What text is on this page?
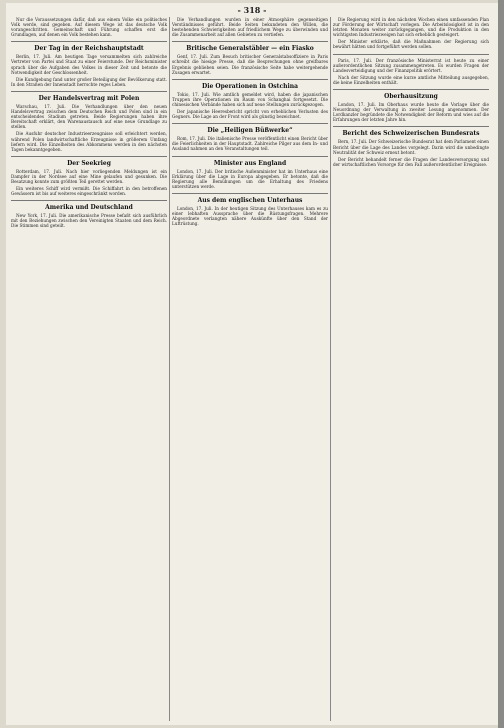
- 318 -

Nur die Voraussetzungen dafür, daß aus einem Volke ein politisches Volk werde, sind gegeben. Auf diesem Wege ist das deutsche Volk vorangeschritten. Gemeinschaft und Führung schaffen erst die Grundlagen, auf denen ein Volk bestehen kann.

Der Tag in der Reichshauptstadt

Berlin, 17. Juli. Am heutigen Tage versammelten sich zahlreiche Vertreter von Partei und Staat zu einer Feierstunde. Der Reichsminister sprach über die Aufgaben des Volkes in dieser Zeit und betonte die Notwendigkeit der Geschlossenheit.

Die Kundgebung fand unter großer Beteiligung der Bevölkerung statt. In den Straßen der Innenstadt herrschte reges Leben.

Der Handelsvertrag mit Polen

Warschau, 17. Juli. Die Verhandlungen über den neuen Handelsvertrag zwischen dem Deutschen Reich und Polen sind in ein entscheidendes Stadium getreten. Beide Regierungen haben ihre Bereitschaft erklärt, den Warenaustausch auf eine neue Grundlage zu stellen.

Die Ausfuhr deutscher Industrieerzeugnisse soll erleichtert werden, während Polen landwirtschaftliche Erzeugnisse in größerem Umfang liefern wird. Die Einzelheiten des Abkommens werden in den nächsten Tagen bekanntgegeben.

Der Seekrieg

Rotterdam, 17. Juli. Nach hier vorliegenden Meldungen ist ein Dampfer in der Nordsee auf eine Mine gelaufen und gesunken. Die Besatzung konnte zum größten Teil gerettet werden.

Ein weiteres Schiff wird vermißt. Die Schiffahrt in den betroffenen Gewässern ist bis auf weiteres eingeschränkt worden.

Amerika und Deutschland

New York, 17. Juli. Die amerikanische Presse befaßt sich ausführlich mit den Beziehungen zwischen den Vereinigten Staaten und dem Reich. Die Stimmen sind geteilt.

Die Verhandlungen wurden in einer Atmosphäre gegenseitigen Verständnisses geführt. Beide Seiten bekundeten den Willen, die bestehenden Schwierigkeiten auf friedlichem Wege zu überwinden und die Zusammenarbeit auf allen Gebieten zu vertiefen.

Britische Generalstäbler — ein Fiasko

Genf, 17. Juli. Zum Besuch britischer Generalstabsoffiziere in Paris schreibt die hiesige Presse, daß die Besprechungen ohne greifbares Ergebnis geblieben seien. Die französische Seite habe weitergehende Zusagen erwartet.

Die Operationen in Ostchina

Tokio, 17. Juli. Wie amtlich gemeldet wird, haben die japanischen Truppen ihre Operationen im Raum von Schanghai fortgesetzt. Die chinesischen Verbände haben sich auf neue Stellungen zurückgezogen.

Der japanische Heeresbericht spricht von erheblichen Verlusten des Gegners. Die Lage an der Front wird als günstig bezeichnet.

Die „Heiligen Büßwerke“

Rom, 17. Juli. Die italienische Presse veröffentlicht einen Bericht über die Feierlichkeiten in der Hauptstadt. Zahlreiche Pilger aus dem In- und Ausland nahmen an den Veranstaltungen teil.

Minister aus England

London, 17. Juli. Der britische Außenminister hat im Unterhaus eine Erklärung über die Lage in Europa abgegeben. Er betonte, daß die Regierung alle Bemühungen um die Erhaltung des Friedens unterstützen werde.

Aus dem englischen Unterhaus

London, 17. Juli. In der heutigen Sitzung des Unterhauses kam es zu einer lebhaften Aussprache über die Rüstungsfragen. Mehrere Abgeordnete verlangten nähere Auskünfte über den Stand der Luftrüstung.

Die Regierung wird in den nächsten Wochen einen umfassenden Plan zur Förderung der Wirtschaft vorlegen. Die Arbeitslosigkeit ist in den letzten Monaten weiter zurückgegangen, und die Produktion in den wichtigsten Industriezweigen hat sich erheblich gesteigert.

Der Minister erklärte, daß die Maßnahmen der Regierung sich bewährt hätten und fortgeführt werden sollen.

Paris, 17. Juli. Der französische Ministerrat ist heute zu einer außerordentlichen Sitzung zusammengetreten. Es wurden Fragen der Landesverteidigung und der Finanzpolitik erörtert.

Nach der Sitzung wurde eine kurze amtliche Mitteilung ausgegeben, die keine Einzelheiten enthält.

Oberhausitzung

London, 17. Juli. Im Oberhaus wurde heute die Vorlage über die Neuordnung der Verwaltung in zweiter Lesung angenommen. Der Lordkanzler begründete die Notwendigkeit der Reform und wies auf die Erfahrungen der letzten Jahre hin.

Bericht des Schweizerischen Bundesrats

Bern, 17. Juli. Der Schweizerische Bundesrat hat dem Parlament einen Bericht über die Lage des Landes vorgelegt. Darin wird die unbedingte Neutralität der Schweiz erneut betont.

Der Bericht behandelt ferner die Fragen der Landesversorgung und der wirtschaftlichen Vorsorge für den Fall außerordentlicher Ereignisse.
